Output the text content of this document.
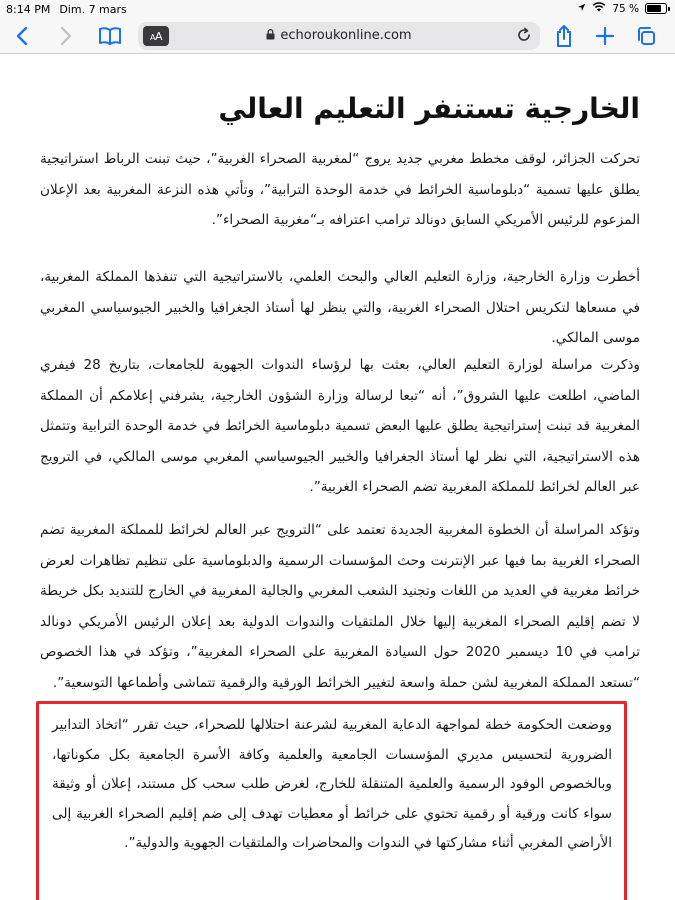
8:14 PM Dim. 7 mars	75 %
A A	echoroukonline.com
الخارجية تستنفر التعليم العالي

تحركت الجزائر، لوقف مخطط مغربي جديد يروج “لمغربية الصحراء الغربية”، حيث تبنت الرباط استراتيجية يطلق عليها تسمية “دبلوماسية الخرائط في خدمة الوحدة الترابية”، وتأتي هذه النزعة المغربية بعد الإعلان المزعوم للرئيس الأمريكي السابق دونالد ترامب اعترافه بـ“مغربية الصحراء”.

أخطرت وزارة الخارجية، وزارة التعليم العالي والبحث العلمي، بالاستراتيجية التي تنفذها المملكة المغربية، في مسعاها لتكريس احتلال الصحراء الغربية، والتي ينظر لها أستاذ الجغرافيا والخبير الجيوسياسي المغربي موسى المالكي.

وذكرت مراسلة لوزارة التعليم العالي، بعثت بها لرؤساء الندوات الجهوية للجامعات، بتاريخ 28 فيفري الماضي، اطلعت عليها الشروق”، أنه “تبعا لرسالة وزارة الشؤون الخارجية، يشرفني إعلامكم أن المملكة المغربية قد تبنت إستراتيجية يطلق عليها البعض تسمية دبلوماسية الخرائط في خدمة الوحدة الترابية وتتمثل هذه الاستراتيجية، التي نظر لها أستاذ الجغرافيا والخبير الجيوسياسي المغربي موسى المالكي، في الترويج عبر العالم لخرائط للمملكة المغربية تضم الصحراء الغربية”.

وتؤكد المراسلة أن الخطوة المغربية الجديدة تعتمد على “الترويج عبر العالم لخرائط للمملكة المغربية تضم الصحراء الغربية بما فيها عبر الإنترنت وحث المؤسسات الرسمية والدبلوماسية على تنظيم تظاهرات لعرض خرائط مغربية في العديد من اللغات وتجنيد الشعب المغربي والجالية المغربية في الخارج للتنديد بكل خريطة لا تضم إقليم الصحراء المغربية إليها خلال الملتقيات والندوات الدولية بعد إعلان الرئيس الأمريكي دونالد ترامب في 10 ديسمبر 2020 حول السيادة المغربية على الصحراء المغربية”، وتؤكد في هذا الخصوص “تستعد المملكة المغربية لشن حملة واسعة لتغيير الخرائط الورقية والرقمية تتماشى وأطماعها التوسعية”.

ووضعت الحكومة خطة لمواجهة الدعاية المغربية لشرعنة احتلالها للصحراء، حيث تقرر “اتخاذ التدابير الضرورية لتحسيس مديري المؤسسات الجامعية والعلمية وكافة الأسرة الجامعية بكل مكوناتها، وبالخصوص الوفود الرسمية والعلمية المتنقلة للخارج، لغرض طلب سحب كل مستند، إعلان أو وثيقة سواء كانت ورقية أو رقمية تحتوي على خرائط أو معطيات تهدف إلى ضم إقليم الصحراء الغربية إلى الأراضي المغربي أثناء مشاركتها في الندوات والمحاضرات والملتقيات الجهوية والدولية”.
